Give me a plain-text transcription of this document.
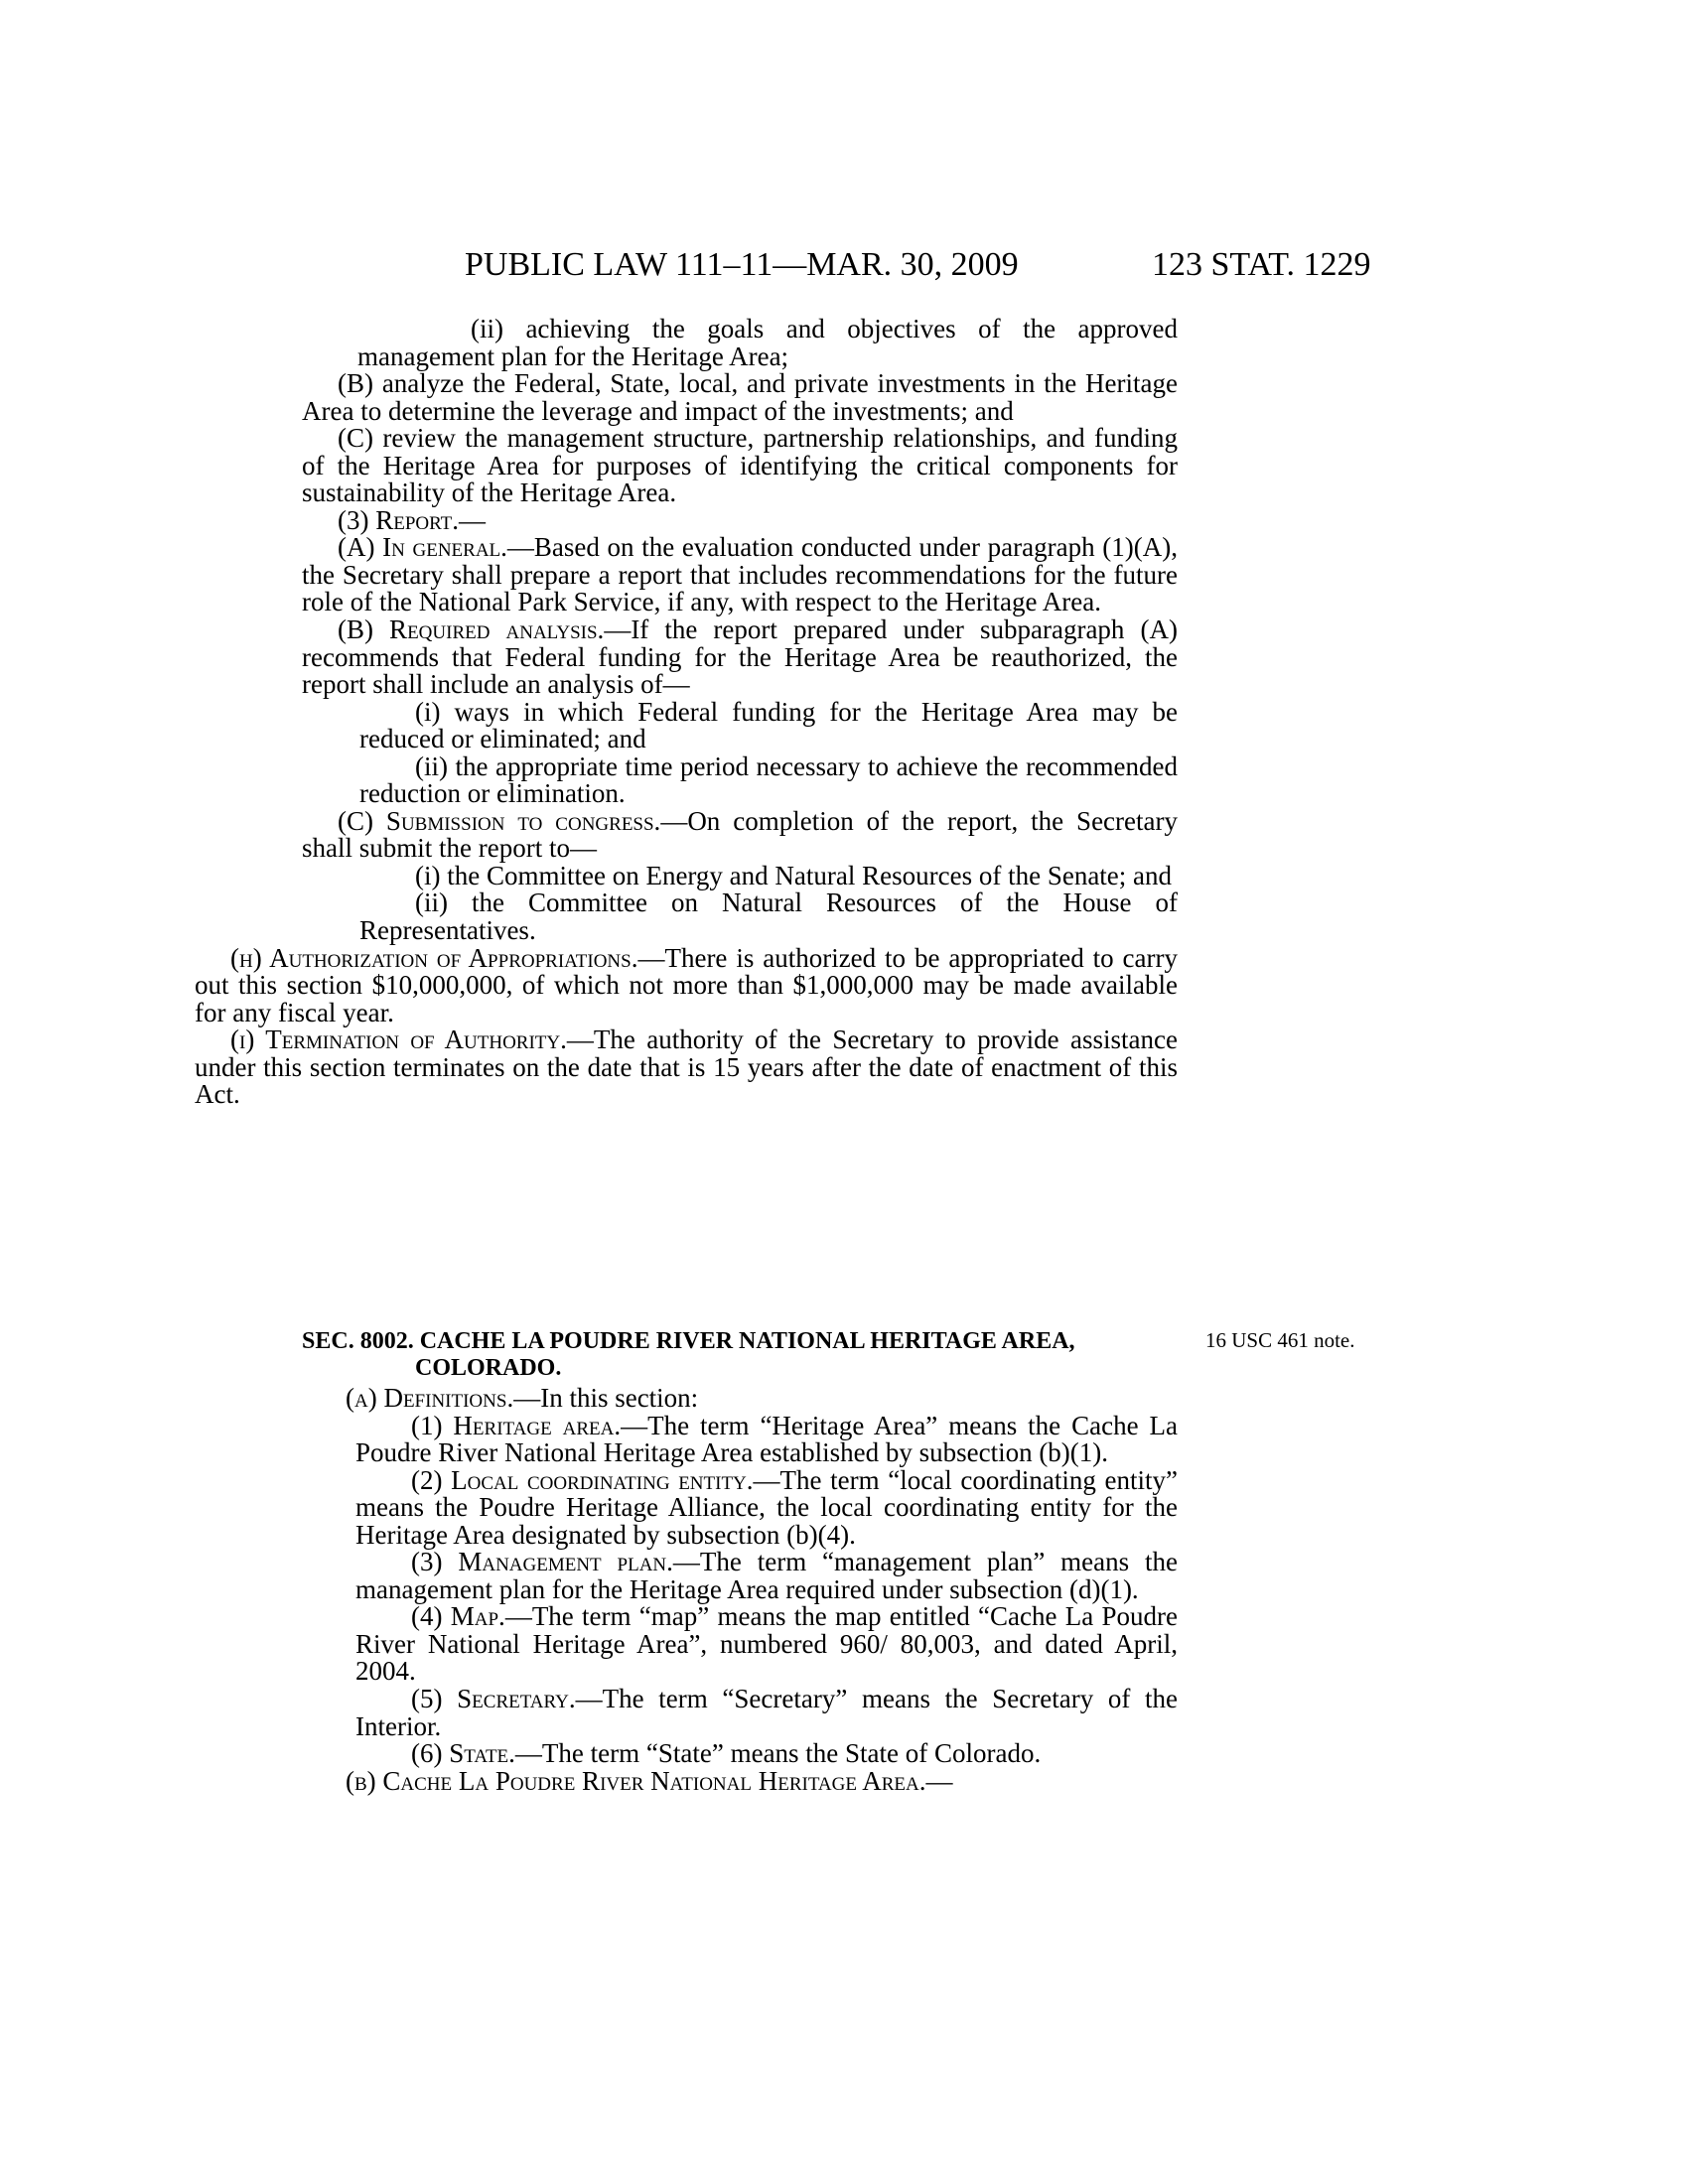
PUBLIC LAW 111–11—MAR. 30, 2009	123 STAT. 1229

(ii) achieving the goals and objectives of the approved management plan for the Heritage Area;

(B) analyze the Federal, State, local, and private investments in the Heritage Area to determine the leverage and impact of the investments; and

(C) review the management structure, partnership relationships, and funding of the Heritage Area for purposes of identifying the critical components for sustainability of the Heritage Area.

(3) Report.—

(A) In general.—Based on the evaluation conducted under paragraph (1)(A), the Secretary shall prepare a report that includes recommendations for the future role of the National Park Service, if any, with respect to the Heritage Area.

(B) Required analysis.—If the report prepared under subparagraph (A) recommends that Federal funding for the Heritage Area be reauthorized, the report shall include an analysis of—

(i) ways in which Federal funding for the Heritage Area may be reduced or eliminated; and

(ii) the appropriate time period necessary to achieve the recommended reduction or elimination.

(C) Submission to congress.—On completion of the report, the Secretary shall submit the report to—

(i) the Committee on Energy and Natural Resources of the Senate; and

(ii) the Committee on Natural Resources of the House of Representatives.

(h) Authorization of Appropriations.—There is authorized to be appropriated to carry out this section $10,000,000, of which not more than $1,000,000 may be made available for any fiscal year.

(i) Termination of Authority.—The authority of the Secretary to provide assistance under this section terminates on the date that is 15 years after the date of enactment of this Act.

SEC. 8002. CACHE LA POUDRE RIVER NATIONAL HERITAGE AREA,
COLORADO.
16 USC 461 note.

(a) Definitions.—In this section:

(1) Heritage area.—The term “Heritage Area” means the Cache La Poudre River National Heritage Area established by subsection (b)(1).

(2) Local coordinating entity.—The term “local coordinating entity” means the Poudre Heritage Alliance, the local coordinating entity for the Heritage Area designated by subsection (b)(4).

(3) Management plan.—The term “management plan” means the management plan for the Heritage Area required under subsection (d)(1).

(4) Map.—The term “map” means the map entitled “Cache La Poudre River National Heritage Area”, numbered 960/ 80,003, and dated April, 2004.

(5) Secretary.—The term “Secretary” means the Secretary of the Interior.

(6) State.—The term “State” means the State of Colorado.

(b) Cache La Poudre River National Heritage Area.—
